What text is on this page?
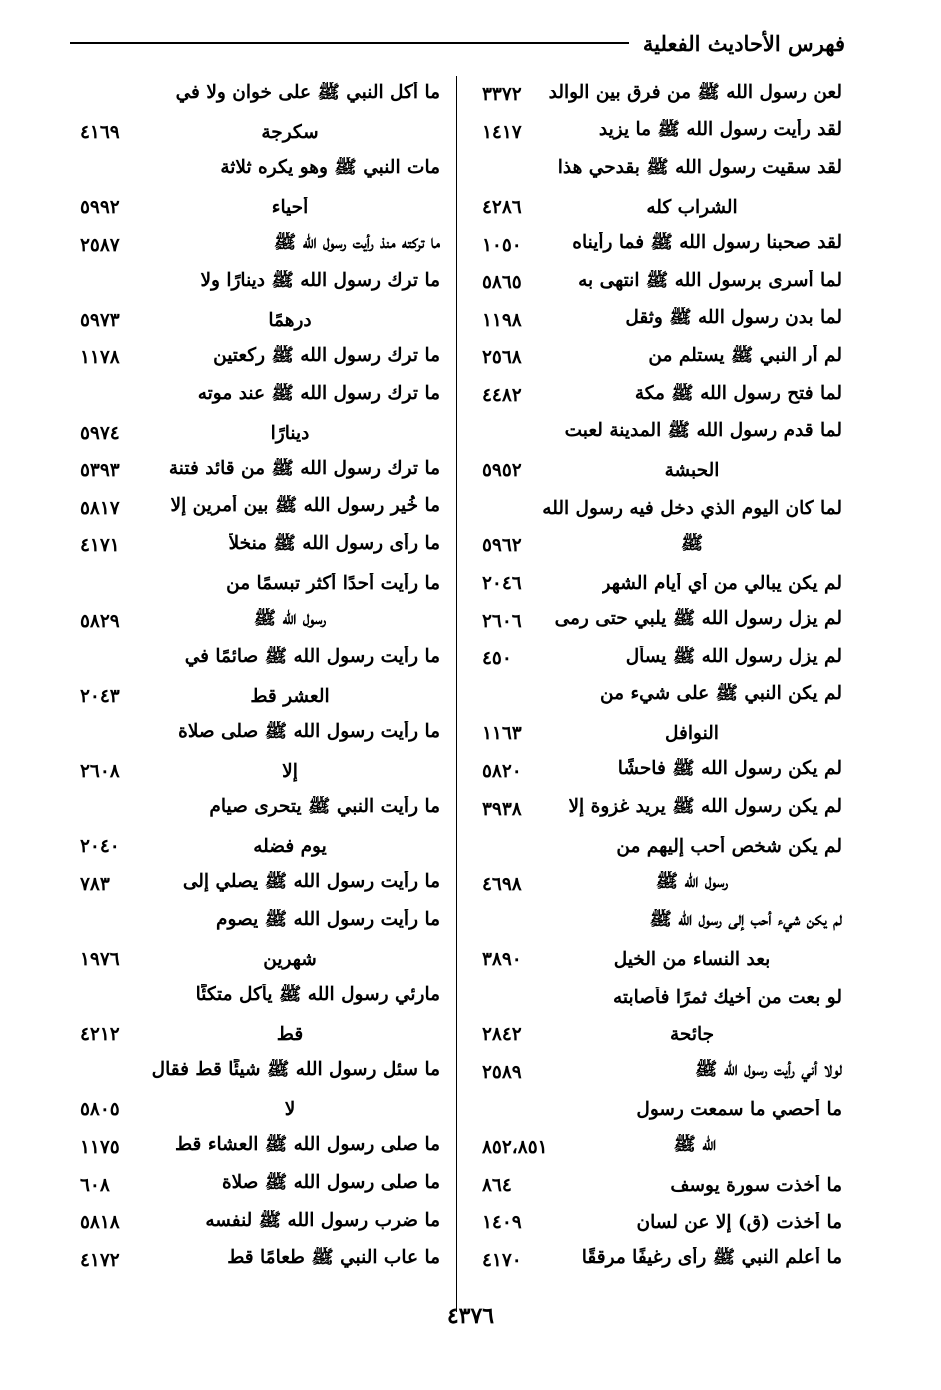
فهرس الأحاديث الفعلية
لعن رسول الله ﷺ من فرق بين الوالد
٣٣٧٢
لقد رأيت رسول الله ﷺ ما يزيد
١٤١٧
لقد سقيت رسول الله ﷺ بقدحي هذا
الشراب كله
٤٢٨٦
لقد صحبنا رسول الله ﷺ فما رأيناه
١٠٥٠
لما أسرى برسول الله ﷺ انتهى به
٥٨٦٥
لما بدن رسول الله ﷺ وثقل
١١٩٨
لم أر النبي ﷺ يستلم من
٢٥٦٨
لما فتح رسول الله ﷺ مكة
٤٤٨٢
لما قدم رسول الله ﷺ المدينة لعبت
الحبشة
٥٩٥٢
لما كان اليوم الذي دخل فيه رسول الله
ﷺ
٥٩٦٢
لم يكن يبالي من أي أيام الشهر
٢٠٤٦
لم يزل رسول الله ﷺ يلبي حتى رمى
٢٦٠٦
لم يزل رسول الله ﷺ يسأل
٤٥٠
لم يكن النبي ﷺ على شيء من
النوافل
١١٦٣
لم يكن رسول الله ﷺ فاحشًا
٥٨٢٠
لم يكن رسول الله ﷺ يريد غزوة إلا
٣٩٣٨
لم يكن شخص أحب إليهم من
رسول الله ﷺ
٤٦٩٨
لم يكن شيء أحب إلى رسول الله ﷺ
بعد النساء من الخيل
٣٨٩٠
لو بعت من أخيك ثمرًا فأصابته
جائحة
٢٨٤٢
لولا أني رأيت رسول الله ﷺ
٢٥٨٩
ما أحصي ما سمعت رسول
الله ﷺ
٨٥٢،٨٥١
ما أخذت سورة يوسف
٨٦٤
ما أخذت (ق) إلا عن لسان
١٤٠٩
ما أعلم النبي ﷺ رأى رغيفًا مرققًا
٤١٧٠
ما أكل النبي ﷺ على خوان ولا في
سكرجة
٤١٦٩
مات النبي ﷺ وهو يكره ثلاثة
أحياء
٥٩٩٢
ما تركته منذ رأيت رسول الله ﷺ
٢٥٨٧
ما ترك رسول الله ﷺ دينارًا ولا
درهمًا
٥٩٧٣
ما ترك رسول الله ﷺ ركعتين
١١٧٨
ما ترك رسول الله ﷺ عند موته
دينارًا
٥٩٧٤
ما ترك رسول الله ﷺ من قائد فتنة
٥٣٩٣
ما خُير رسول الله ﷺ بين أمرين إلا
٥٨١٧
ما رأى رسول الله ﷺ منخلاً
٤١٧١
ما رأيت أحدًا أكثر تبسمًا من
رسول الله ﷺ
٥٨٢٩
ما رأيت رسول الله ﷺ صائمًا في
العشر قط
٢٠٤٣
ما رأيت رسول الله ﷺ صلى صلاة
إلا
٢٦٠٨
ما رأيت النبي ﷺ يتحرى صيام
يوم فضله
٢٠٤٠
ما رأيت رسول الله ﷺ يصلي إلى
٧٨٣
ما رأيت رسول الله ﷺ يصوم
شهرين
١٩٧٦
مارئي رسول الله ﷺ يأكل متكئًا
قط
٤٢١٢
ما سئل رسول الله ﷺ شيئًا قط فقال
لا
٥٨٠٥
ما صلى رسول الله ﷺ العشاء قط
١١٧٥
ما صلى رسول الله ﷺ صلاة
٦٠٨
ما ضرب رسول الله ﷺ لنفسه
٥٨١٨
ما عاب النبي ﷺ طعامًا قط
٤١٧٢
٤٣٧٦
